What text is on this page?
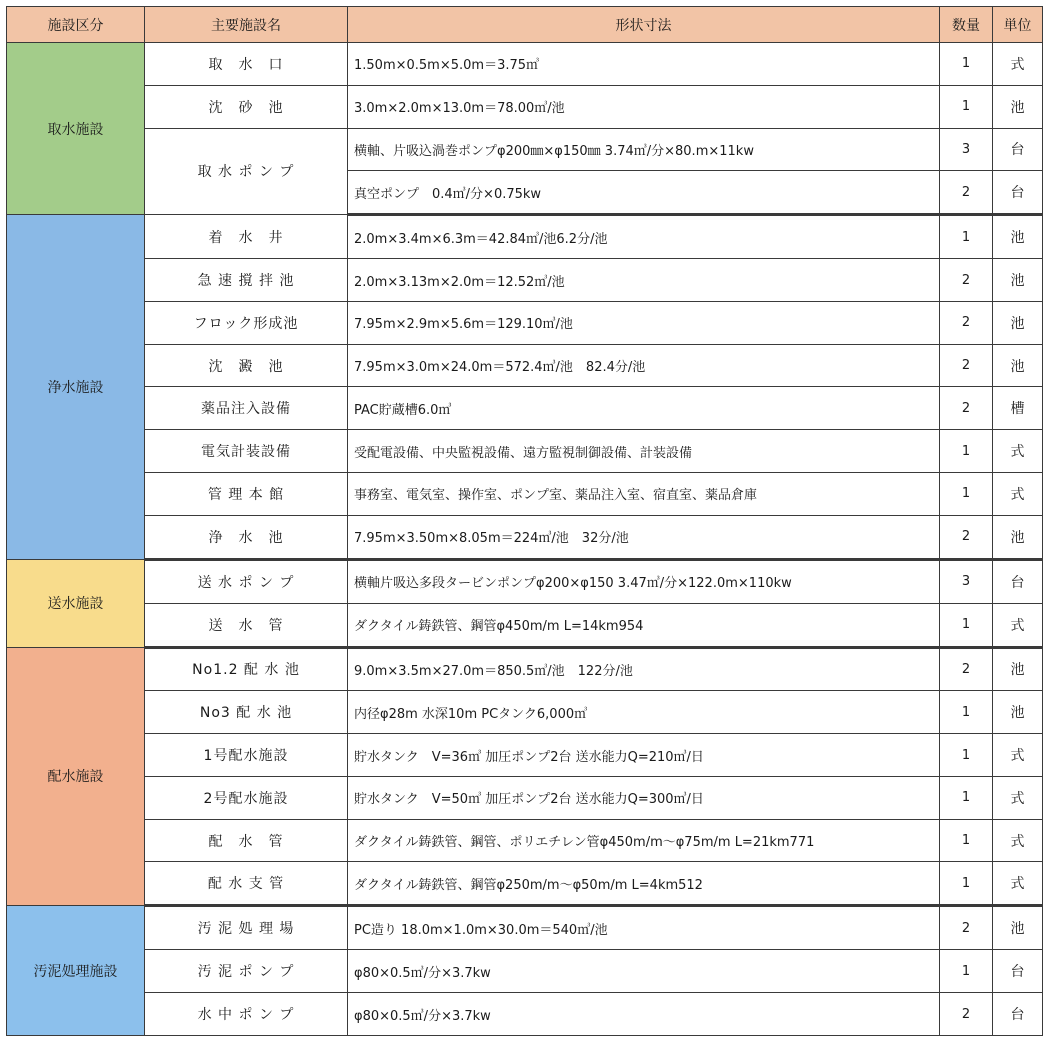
施設区分	主要施設名	形状寸法	数量	単位
取水施設	取　水　口	1.50m×0.5m×5.0m＝3.75㎥	1	式
	沈　砂　池	3.0m×2.0m×13.0m＝78.00㎥/池	1	池
	取 水 ポ ン プ	横軸、片吸込渦巻ポンプφ200㎜×φ150㎜ 3.74㎥/分×80.m×11kw	3	台
		真空ポンプ　0.4㎥/分×0.75kw	2	台
浄水施設	着　水　井	2.0m×3.4m×6.3m＝42.84㎥/池6.2分/池	1	池
	急 速 撹 拌 池	2.0m×3.13m×2.0m＝12.52㎥/池	2	池
	フロック形成池	7.95m×2.9m×5.6m＝129.10㎥/池	2	池
	沈　澱　池	7.95m×3.0m×24.0m＝572.4㎥/池　82.4分/池	2	池
	薬品注入設備	PAC貯蔵槽6.0㎥	2	槽
	電気計装設備	受配電設備、中央監視設備、遠方監視制御設備、計装設備	1	式
	管 理 本 館	事務室、電気室、操作室、ポンプ室、薬品注入室、宿直室、薬品倉庫	1	式
	浄　水　池	7.95m×3.50m×8.05m＝224㎥/池　32分/池	2	池
送水施設	送 水 ポ ン プ	横軸片吸込多段タービンポンプφ200×φ150 3.47㎥/分×122.0m×110kw	3	台
	送　水　管	ダクタイル鋳鉄管、鋼管φ450m/m L=14km954	1	式
配水施設	No1.2 配 水 池	9.0m×3.5m×27.0m＝850.5㎥/池　122分/池	2	池
	No3 配 水 池	内径φ28m 水深10m PCタンク6,000㎥	1	池
	1号配水施設	貯水タンク　V=36㎥ 加圧ポンプ2台 送水能力Q=210㎥/日	1	式
	2号配水施設	貯水タンク　V=50㎥ 加圧ポンプ2台 送水能力Q=300㎥/日	1	式
	配　水　管	ダクタイル鋳鉄管、鋼管、ポリエチレン管φ450m/m～φ75m/m L=21km771	1	式
	配 水 支 管	ダクタイル鋳鉄管、鋼管φ250m/m～φ50m/m L=4km512	1	式
汚泥処理施設	汚 泥 処 理 場	PC造り 18.0m×1.0m×30.0m＝540㎥/池	2	池
	汚 泥 ポ ン プ	φ80×0.5㎥/分×3.7kw	1	台
	水 中 ポ ン プ	φ80×0.5㎥/分×3.7kw	2	台
